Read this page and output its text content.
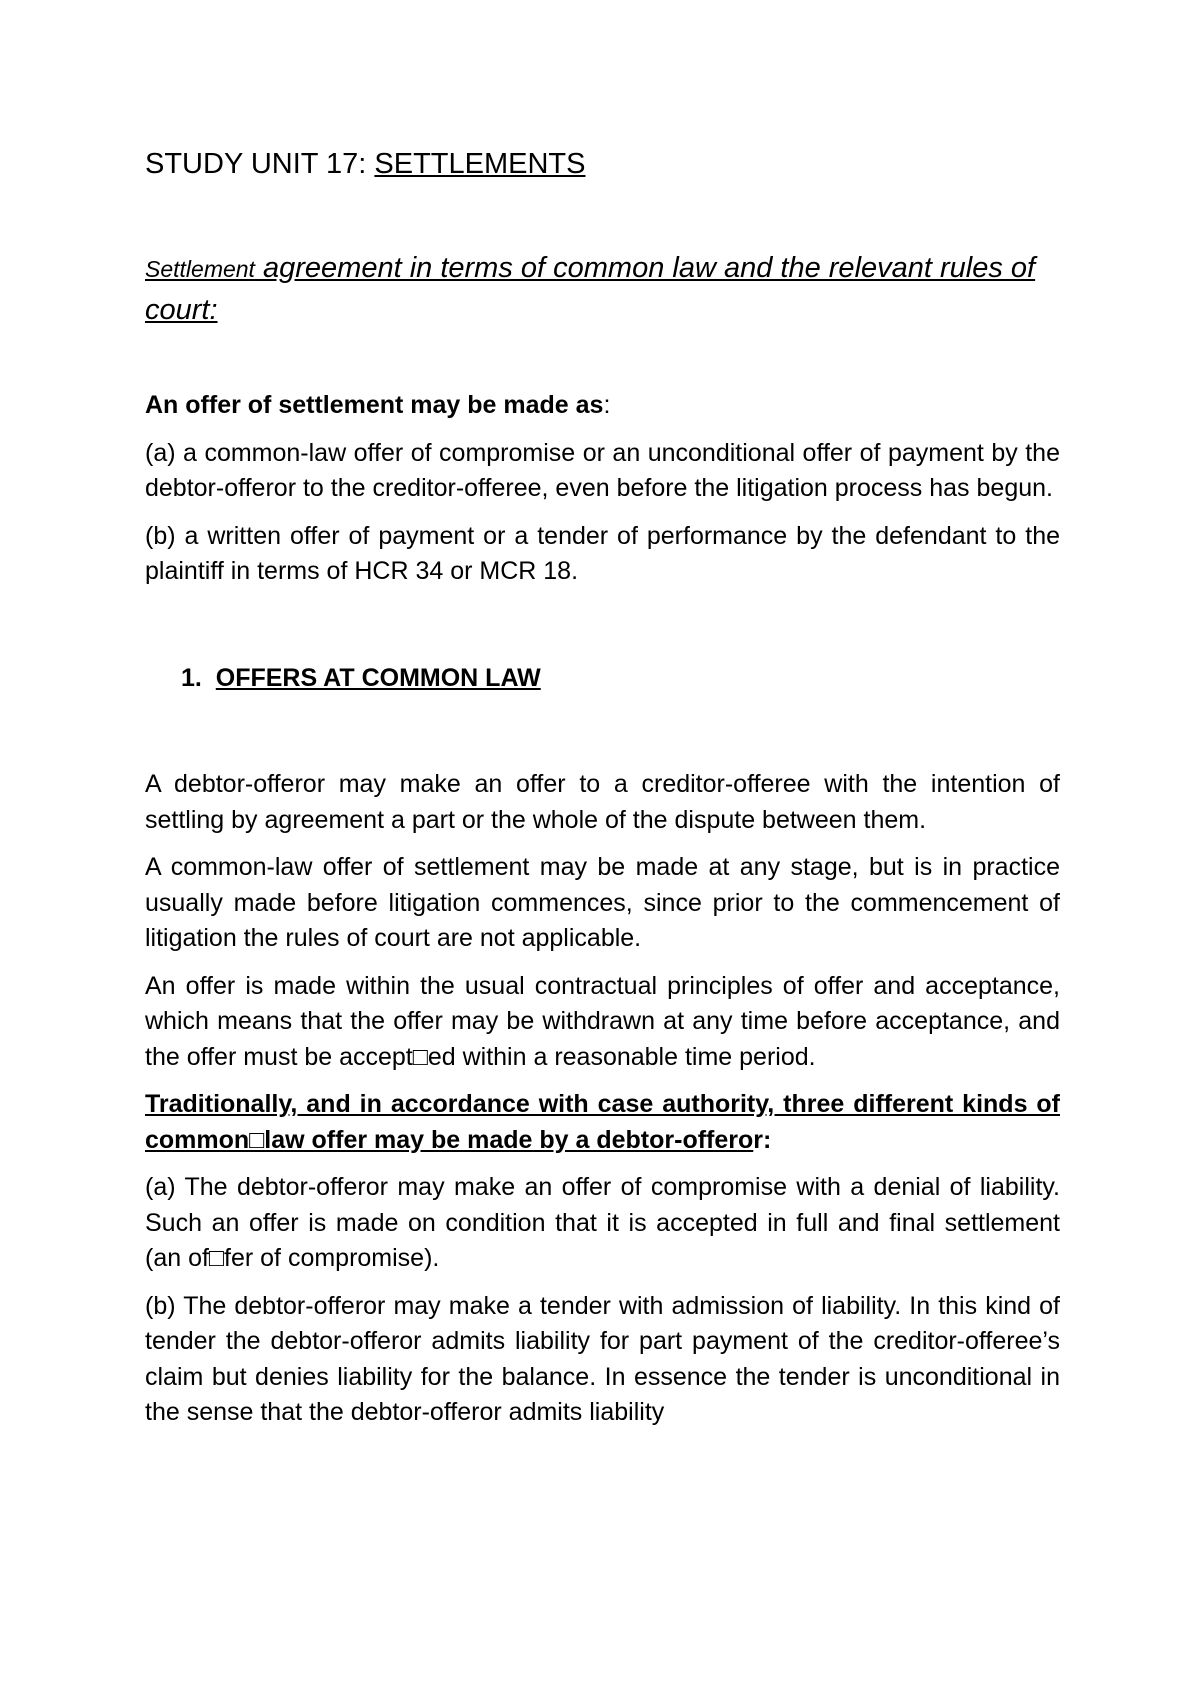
STUDY UNIT 17: SETTLEMENTS

Settlement agreement in terms of common law and the relevant rules of court:

An offer of settlement may be made as:

(a) a common-law offer of compromise or an unconditional offer of payment by the debtor-offeror to the creditor-offeree, even before the litigation process has begun.

(b) a written offer of payment or a tender of performance by the defendant to the plaintiff in terms of HCR 34 or MCR 18.

1. OFFERS AT COMMON LAW

A debtor-offeror may make an offer to a creditor-offeree with the intention of settling by agreement a part or the whole of the dispute between them.

A common-law offer of settlement may be made at any stage, but is in practice usually made before litigation commences, since prior to the commencement of litigation the rules of court are not applicable.

An offer is made within the usual contractual principles of offer and acceptance, which means that the offer may be withdrawn at any time before acceptance, and the offer must be accept□ed within a reasonable time period.

Traditionally, and in accordance with case authority, three different kinds of common□law offer may be made by a debtor-offeror:

(a) The debtor-offeror may make an offer of compromise with a denial of liability. Such an offer is made on condition that it is accepted in full and final settlement (an of□fer of compromise).

(b) The debtor-offeror may make a tender with admission of liability. In this kind of tender the debtor-offeror admits liability for part payment of the creditor-offeree’s claim but denies liability for the balance. In essence the tender is unconditional in the sense that the debtor-offeror admits liability
